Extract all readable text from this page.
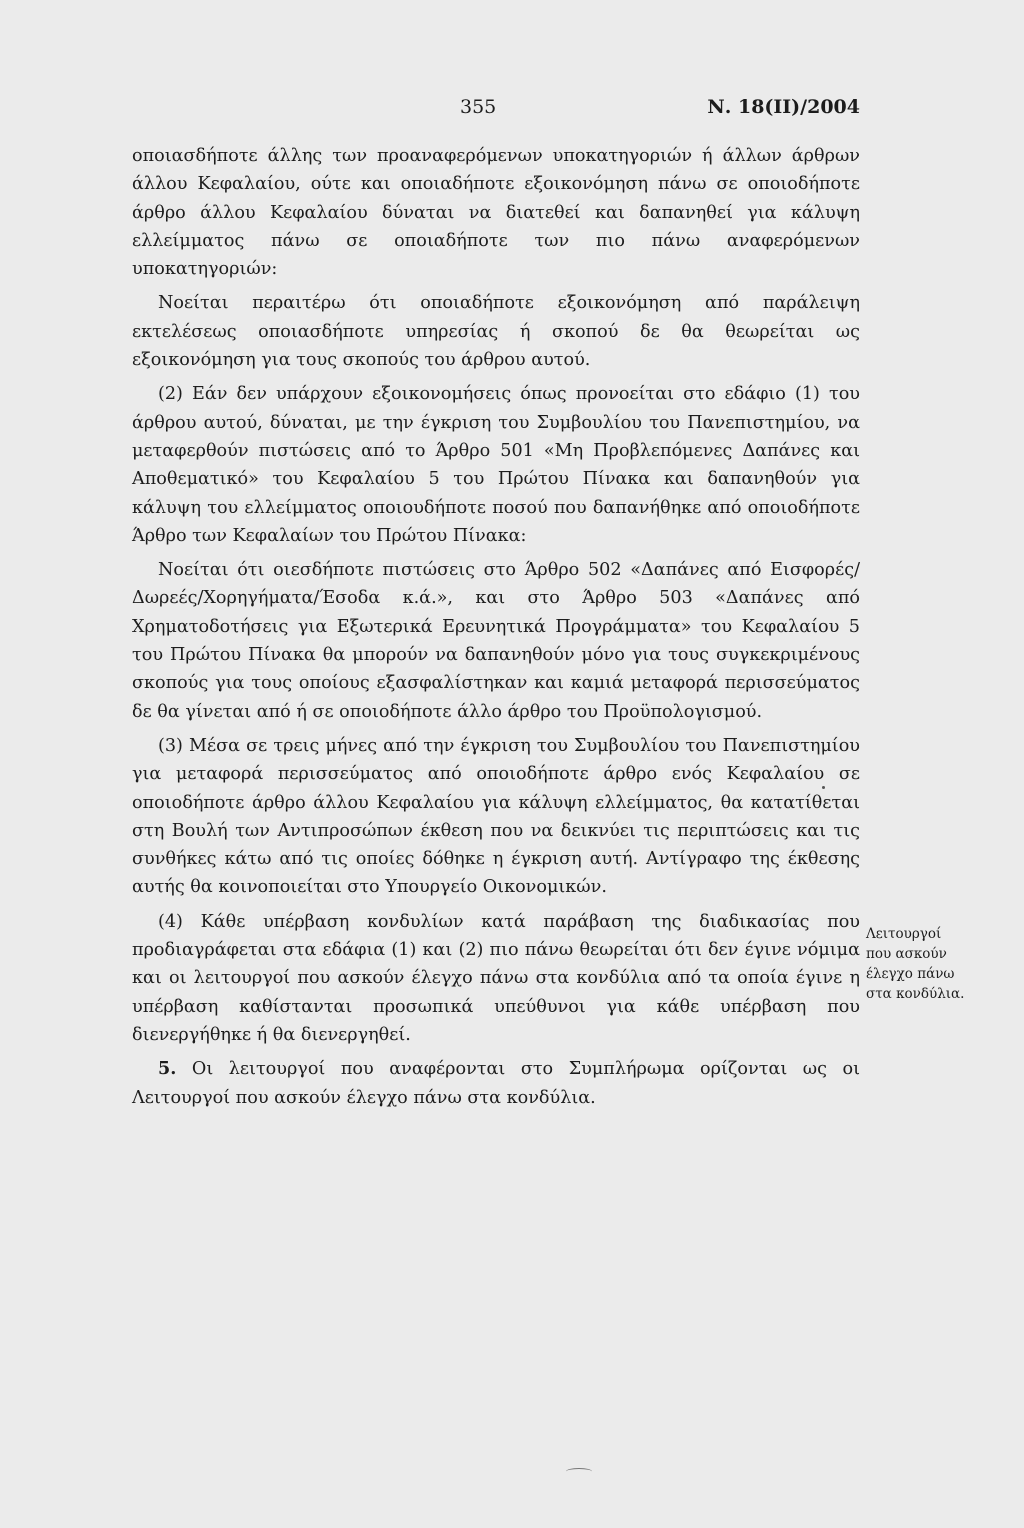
355	Ν. 18(ΙΙ)/2004

οποιασδήποτε άλλης των προαναφερόμενων υποκατηγοριών ή άλλων άρθρων άλλου Κεφαλαίου, ούτε και οποιαδήποτε εξοικονόμηση πάνω σε οποιοδήποτε άρθρο άλλου Κεφαλαίου δύναται να διατεθεί και δαπανηθεί για κάλυψη ελλείμματος πάνω σε οποιαδήποτε των πιο πάνω αναφερόμενων υποκατηγοριών:

Νοείται περαιτέρω ότι οποιαδήποτε εξοικονόμηση από παράλειψη εκτελέσεως οποιασδήποτε υπηρεσίας ή σκοπού δε θα θεωρείται ως εξοικονόμηση για τους σκοπούς του άρθρου αυτού.

(2) Εάν δεν υπάρχουν εξοικονομήσεις όπως προνοείται στο εδάφιο (1) του άρθρου αυτού, δύναται, με την έγκριση του Συμβουλίου του Πανεπιστημίου, να μεταφερθούν πιστώσεις από το Άρθρο 501 «Μη Προβλεπόμενες Δαπάνες και Αποθεματικό» του Κεφαλαίου 5 του Πρώτου Πίνακα και δαπανηθούν για κάλυψη του ελλείμματος οποιουδήποτε ποσού που δαπανήθηκε από οποιοδήποτε Άρθρο των Κεφαλαίων του Πρώτου Πίνακα:

Νοείται ότι οιεσδήποτε πιστώσεις στο Άρθρο 502 «Δαπάνες από Εισφορές/Δωρεές/Χορηγήματα/Έσοδα κ.ά.», και στο Άρθρο 503 «Δαπάνες από Χρηματοδοτήσεις για Εξωτερικά Ερευνητικά Προγράμματα» του Κεφαλαίου 5 του Πρώτου Πίνακα θα μπορούν να δαπανηθούν μόνο για τους συγκεκριμένους σκοπούς για τους οποίους εξασφαλίστηκαν και καμιά μεταφορά περισσεύματος δε θα γίνεται από ή σε οποιοδήποτε άλλο άρθρο του Προϋπολογισμού.

(3) Μέσα σε τρεις μήνες από την έγκριση του Συμβουλίου του Πανεπιστημίου για μεταφορά περισσεύματος από οποιοδήποτε άρθρο ενός Κεφαλαίου σε οποιοδήποτε άρθρο άλλου Κεφαλαίου για κάλυψη ελλείμματος, θα κατατίθεται στη Βουλή των Αντιπροσώπων έκθεση που να δεικνύει τις περιπτώσεις και τις συνθήκες κάτω από τις οποίες δόθηκε η έγκριση αυτή. Αντίγραφο της έκθεσης αυτής θα κοινοποιείται στο Υπουργείο Οικονομικών.

(4) Κάθε υπέρβαση κονδυλίων κατά παράβαση της διαδικασίας που προδιαγράφεται στα εδάφια (1) και (2) πιο πάνω θεωρείται ότι δεν έγινε νόμιμα και οι λειτουργοί που ασκούν έλεγχο πάνω στα κονδύλια από τα οποία έγινε η υπέρβαση καθίστανται προσωπικά υπεύθυνοι για κάθε υπέρβαση που διενεργήθηκε ή θα διενεργηθεί.

5. Οι λειτουργοί που αναφέρονται στο Συμπλήρωμα ορίζονται ως οι Λειτουργοί που ασκούν έλεγχο πάνω στα κονδύλια.

Λειτουργοί
που ασκούν
έλεγχο πάνω
στα κονδύλια.
